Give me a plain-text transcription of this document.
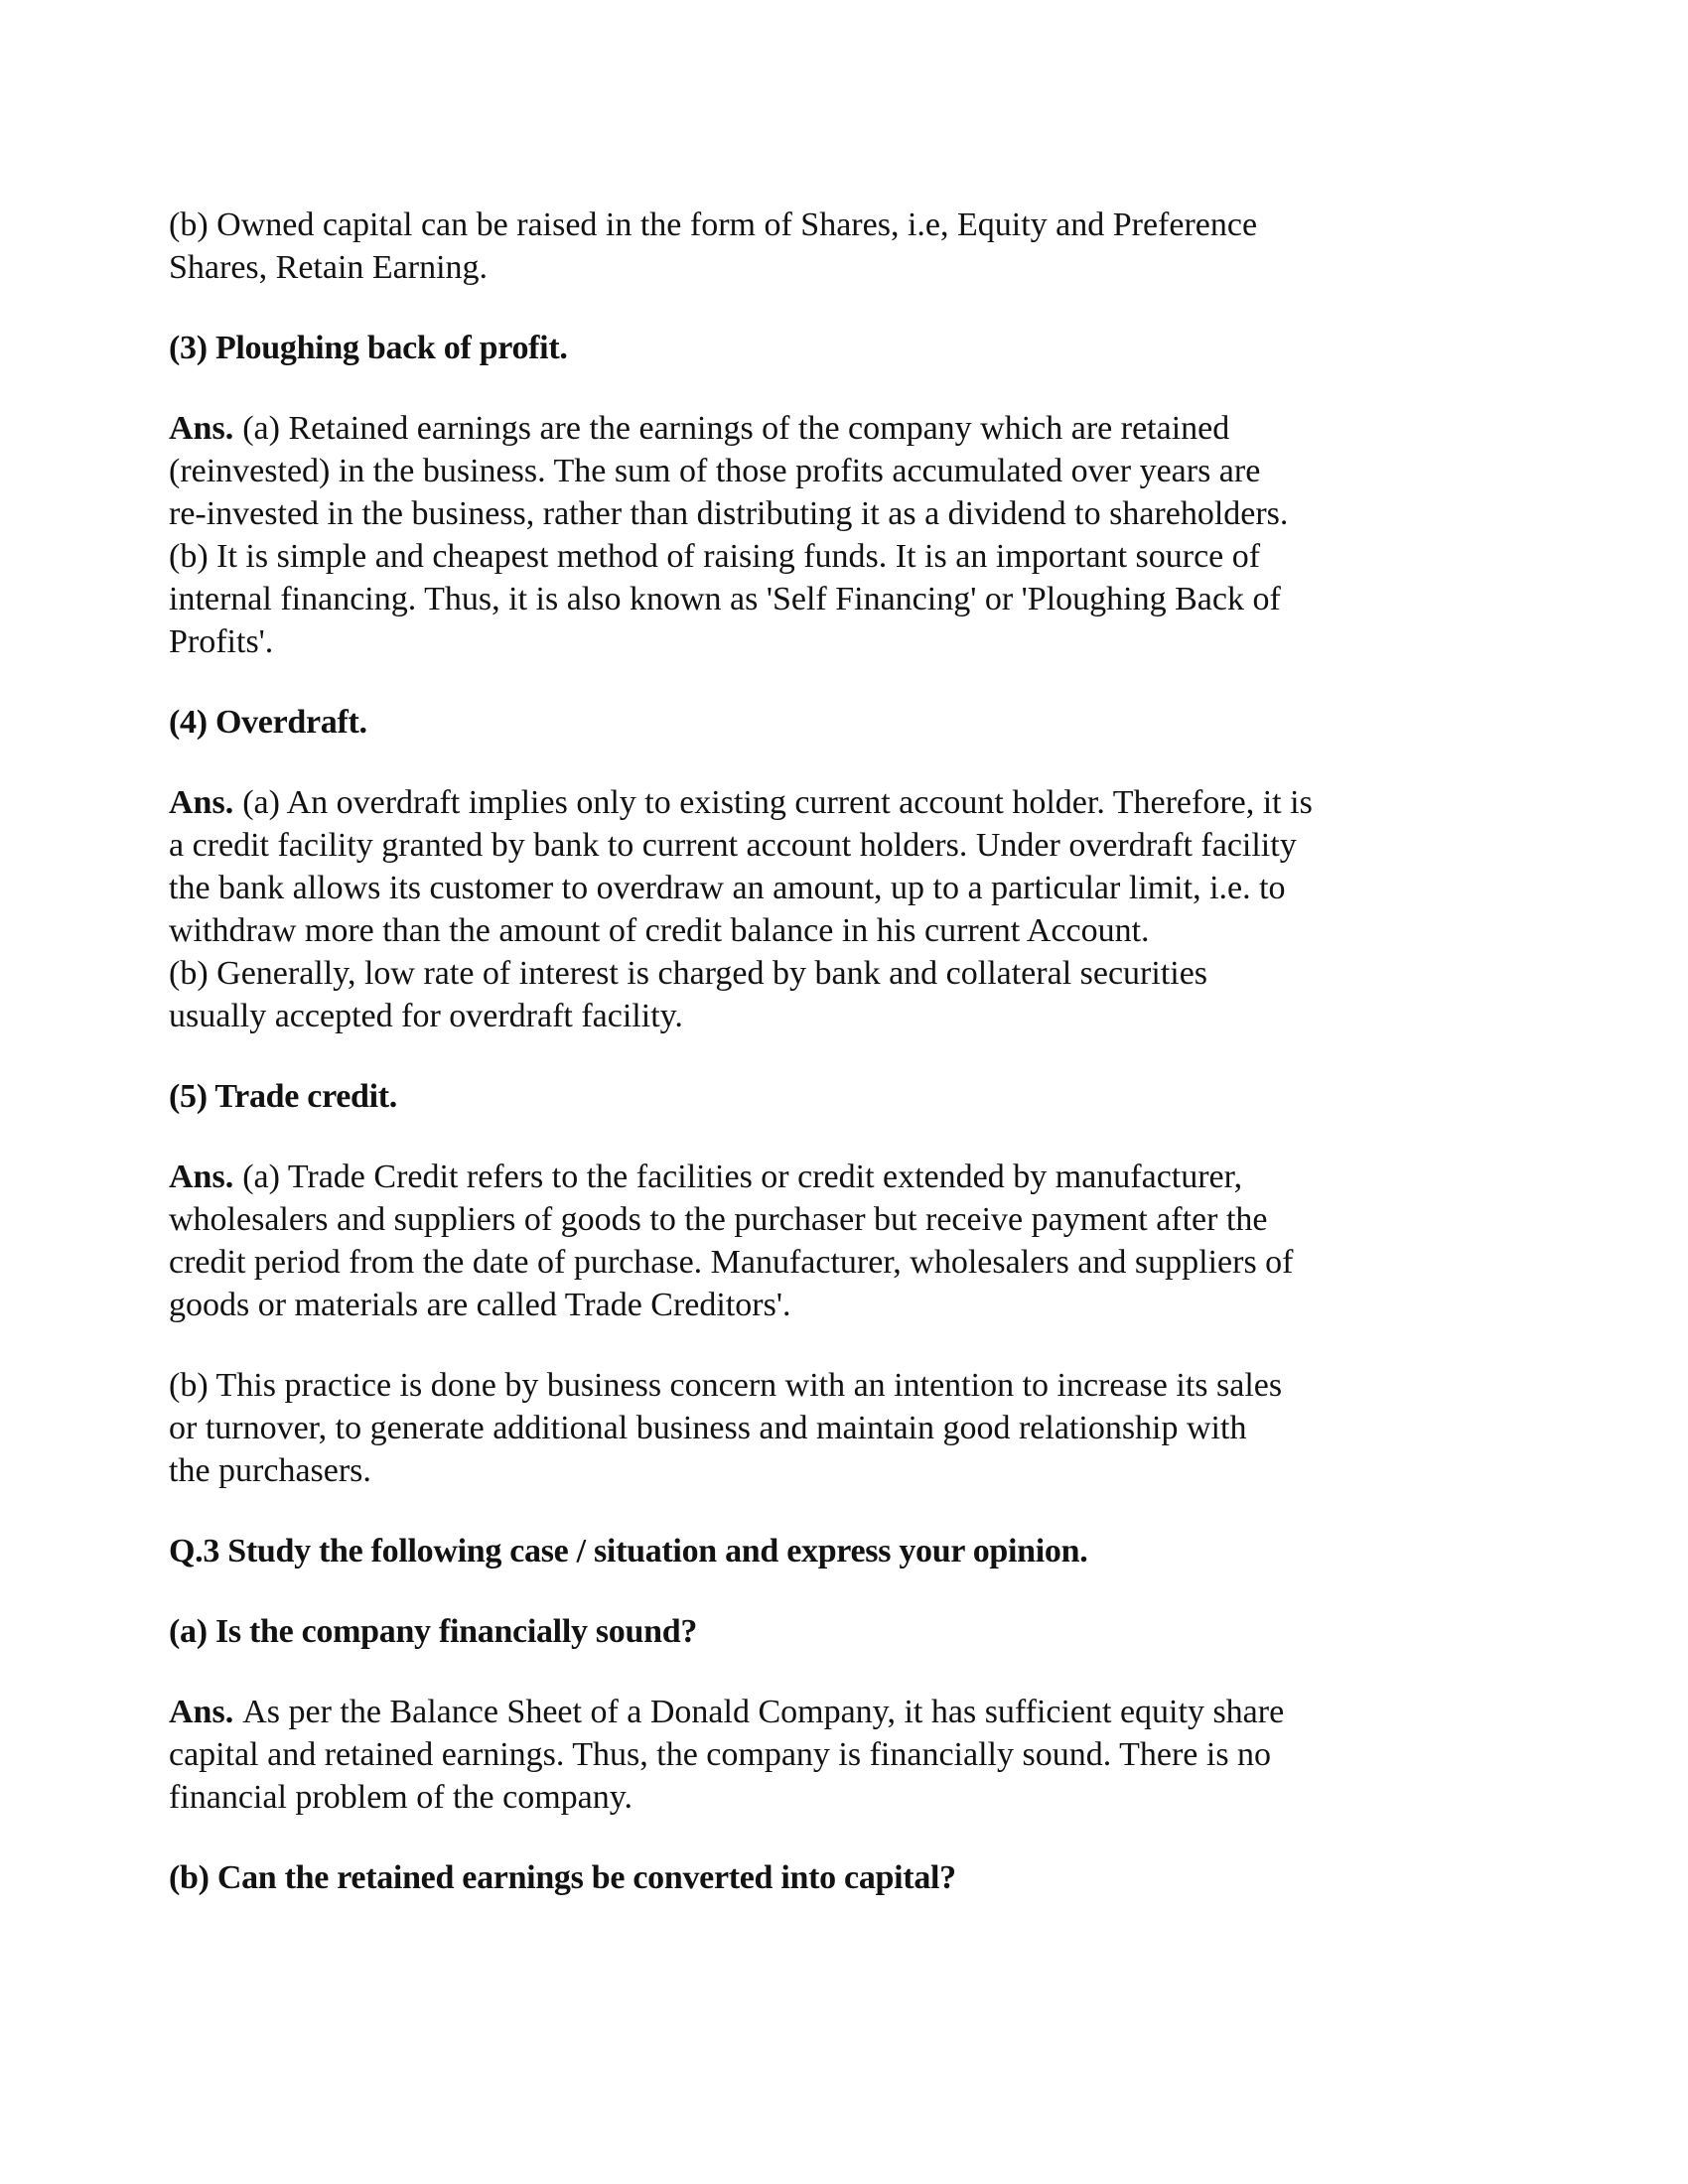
(b) Owned capital can be raised in the form of Shares, i.e, Equity and Preference
Shares, Retain Earning.
(3) Ploughing back of profit.
Ans. (a) Retained earnings are the earnings of the company which are retained
(reinvested) in the business. The sum of those profits accumulated over years are
re-invested in the business, rather than distributing it as a dividend to shareholders.
(b) It is simple and cheapest method of raising funds. It is an important source of
internal financing. Thus, it is also known as 'Self Financing' or 'Ploughing Back of
Profits'.
(4) Overdraft.
Ans. (a) An overdraft implies only to existing current account holder. Therefore, it is
a credit facility granted by bank to current account holders. Under overdraft facility
the bank allows its customer to overdraw an amount, up to a particular limit, i.e. to
withdraw more than the amount of credit balance in his current Account.
(b) Generally, low rate of interest is charged by bank and collateral securities
usually accepted for overdraft facility.
(5) Trade credit.
Ans. (a) Trade Credit refers to the facilities or credit extended by manufacturer,
wholesalers and suppliers of goods to the purchaser but receive payment after the
credit period from the date of purchase. Manufacturer, wholesalers and suppliers of
goods or materials are called Trade Creditors'.
(b) This practice is done by business concern with an intention to increase its sales
or turnover, to generate additional business and maintain good relationship with
the purchasers.
Q.3 Study the following case / situation and express your opinion.
(a) Is the company financially sound?
Ans. As per the Balance Sheet of a Donald Company, it has sufficient equity share
capital and retained earnings. Thus, the company is financially sound. There is no
financial problem of the company.
(b) Can the retained earnings be converted into capital?
